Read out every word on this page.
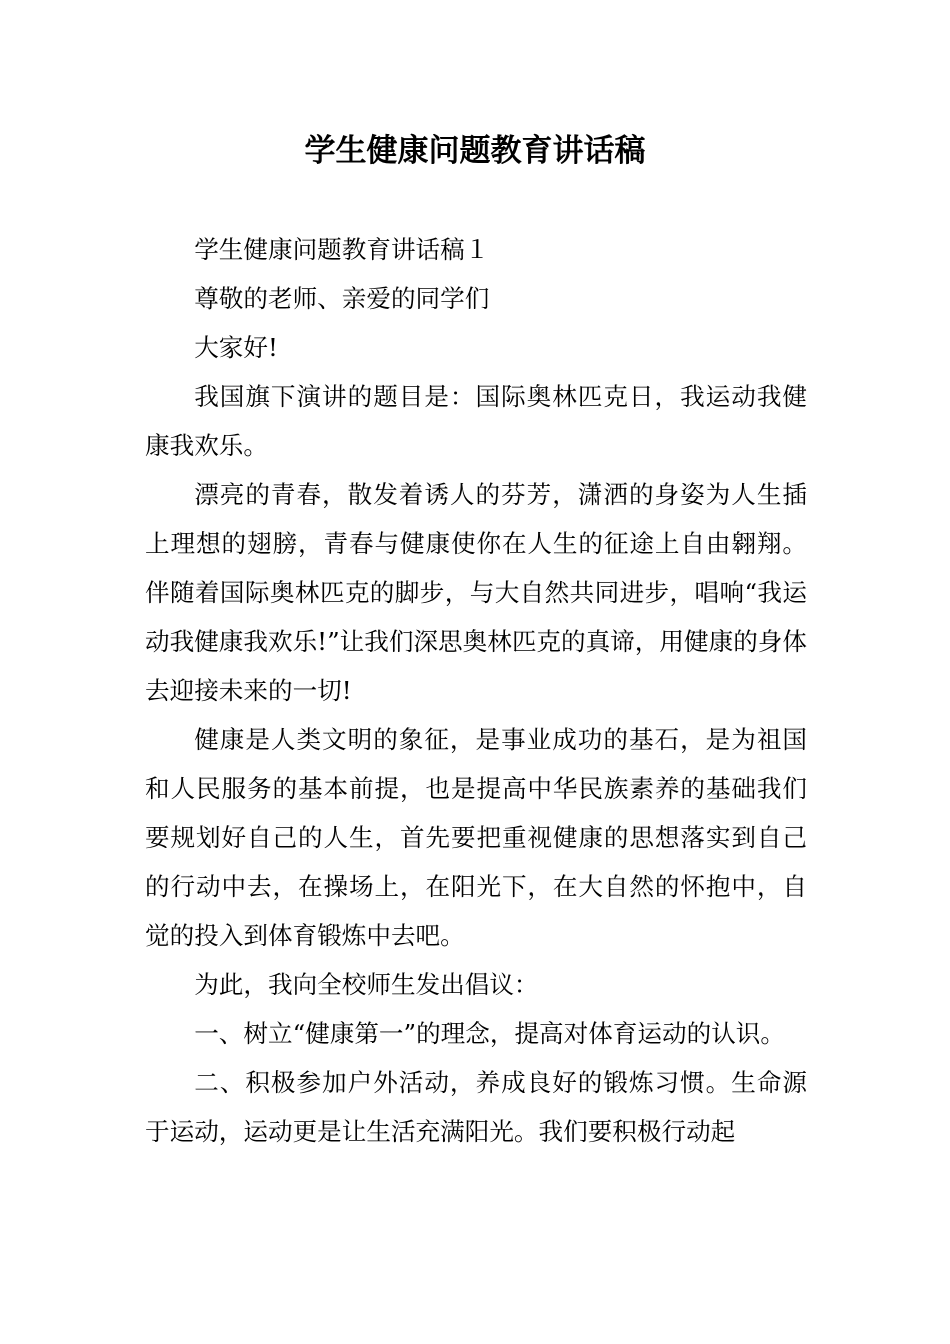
学生健康问题教育讲话稿

学生健康问题教育讲话稿１

尊敬的老师、亲爱的同学们

大家好!

我国旗下演讲的题目是：国际奥林匹克日，我运动我健康我欢乐。

漂亮的青春，散发着诱人的芬芳，潇洒的身姿为人生插上理想的翅膀，青春与健康使你在人生的征途上自由翱翔。伴随着国际奥林匹克的脚步，与大自然共同进步，唱响“我运动我健康我欢乐!”让我们深思奥林匹克的真谛，用健康的身体去迎接未来的一切!

健康是人类文明的象征，是事业成功的基石，是为祖国和人民服务的基本前提，也是提高中华民族素养的基础我们要规划好自己的人生，首先要把重视健康的思想落实到自己的行动中去，在操场上，在阳光下，在大自然的怀抱中，自觉的投入到体育锻炼中去吧。

为此，我向全校师生发出倡议：

一、树立“健康第一”的理念，提高对体育运动的认识。

二、积极参加户外活动，养成良好的锻炼习惯。生命源于运动，运动更是让生活充满阳光。我们要积极行动起
